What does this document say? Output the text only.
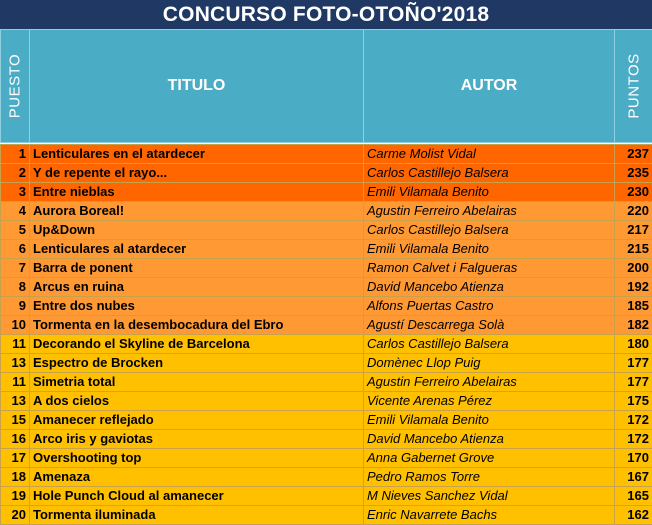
CONCURSO FOTO-OTOÑO'2018
PUESTO	TITULO	AUTOR	PUNTOS

1	Lenticulares en el atardecer	Carme Molist Vidal	237
2	Y de repente el rayo...	Carlos Castillejo Balsera	235
3	Entre nieblas	Emili Vilamala Benito	230
4	Aurora Boreal!	Agustin Ferreiro Abelairas	220
5	Up&Down	Carlos Castillejo Balsera	217
6	Lenticulares al atardecer	Emili Vilamala Benito	215
7	Barra de ponent	Ramon Calvet i Falgueras	200
8	Arcus en ruina	David Mancebo Atienza	192
9	Entre dos nubes	Alfons Puertas Castro	185
10	Tormenta en la desembocadura del Ebro	Agustí Descarrega Solà	182
11	Decorando el Skyline de Barcelona	Carlos Castillejo Balsera	180
13	Espectro de Brocken	Domènec Llop Puig	177
11	Simetria total	Agustin Ferreiro Abelairas	177
13	A dos cielos	Vicente Arenas Pérez	175
15	Amanecer reflejado	Emili Vilamala Benito	172
16	Arco iris y gaviotas	David Mancebo Atienza	172
17	Overshooting top	Anna Gabernet Grove	170
18	Amenaza	Pedro Ramos Torre	167
19	Hole Punch Cloud al amanecer	M Nieves Sanchez Vidal	165
20	Tormenta iluminada	Enric Navarrete Bachs	162
